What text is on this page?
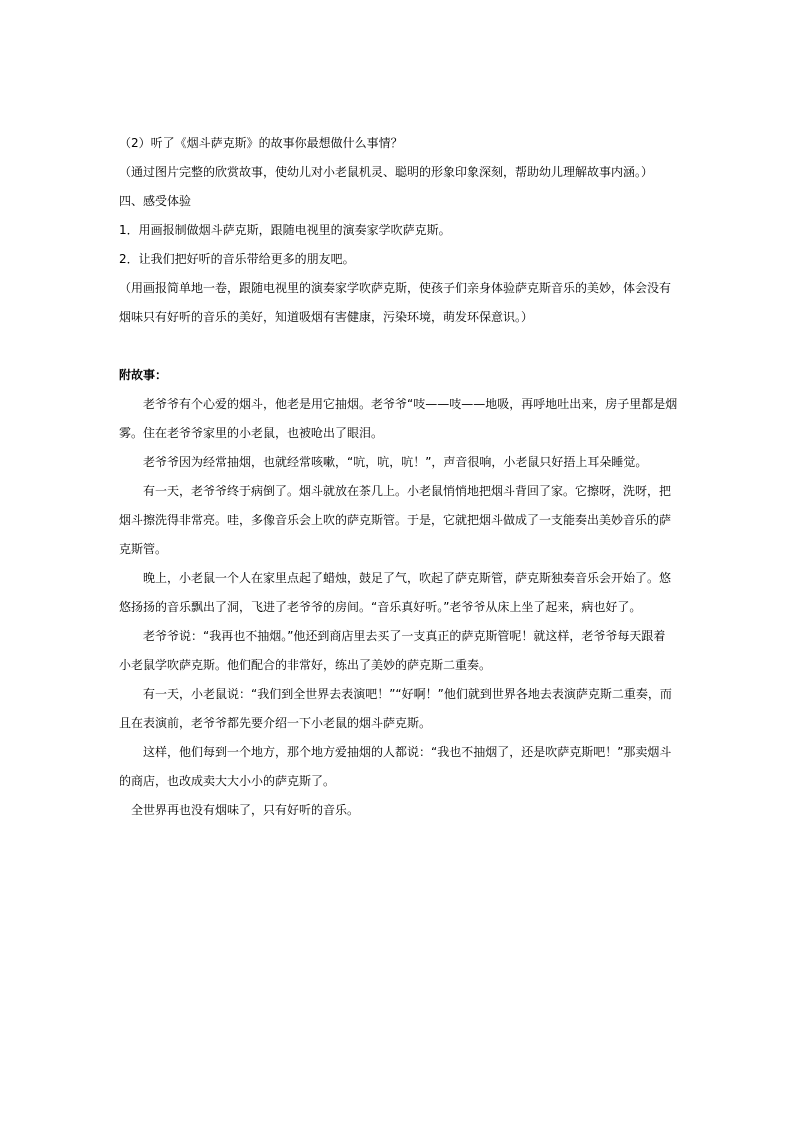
（2）听了《烟斗萨克斯》的故事你最想做什么事情？
（通过图片完整的欣赏故事，使幼儿对小老鼠机灵、聪明的形象印象深刻，帮助幼儿理解故事内涵。）
四、感受体验
1．用画报制做烟斗萨克斯，跟随电视里的演奏家学吹萨克斯。
2．让我们把好听的音乐带给更多的朋友吧。
（用画报简单地一卷，跟随电视里的演奏家学吹萨克斯，使孩子们亲身体验萨克斯音乐的美妙，体会没有
烟味只有好听的音乐的美好，知道吸烟有害健康，污染环境，萌发环保意识。）
附故事：
老爷爷有个心爱的烟斗，他老是用它抽烟。老爷爷“吱——吱——地吸，再呼地吐出来，房子里都是烟
雾。住在老爷爷家里的小老鼠，也被呛出了眼泪。
老爷爷因为经常抽烟，也就经常咳嗽，“吭，吭，吭！”，声音很响，小老鼠只好捂上耳朵睡觉。
有一天，老爷爷终于病倒了。烟斗就放在茶几上。小老鼠悄悄地把烟斗背回了家。它擦呀，洗呀，把
烟斗擦洗得非常亮。哇，多像音乐会上吹的萨克斯管。于是，它就把烟斗做成了一支能奏出美妙音乐的萨
克斯管。
晚上，小老鼠一个人在家里点起了蜡烛，鼓足了气，吹起了萨克斯管，萨克斯独奏音乐会开始了。悠
悠扬扬的音乐飘出了洞，飞进了老爷爷的房间。“音乐真好听。”老爷爷从床上坐了起来，病也好了。
老爷爷说：“我再也不抽烟。”他还到商店里去买了一支真正的萨克斯管呢！就这样，老爷爷每天跟着
小老鼠学吹萨克斯。他们配合的非常好，练出了美妙的萨克斯二重奏。
有一天，小老鼠说：“我们到全世界去表演吧！”“好啊！”他们就到世界各地去表演萨克斯二重奏，而
且在表演前，老爷爷都先要介绍一下小老鼠的烟斗萨克斯。
这样，他们每到一个地方，那个地方爱抽烟的人都说：“我也不抽烟了，还是吹萨克斯吧！”那卖烟斗
的商店，也改成卖大大小小的萨克斯了。
全世界再也没有烟味了，只有好听的音乐。
